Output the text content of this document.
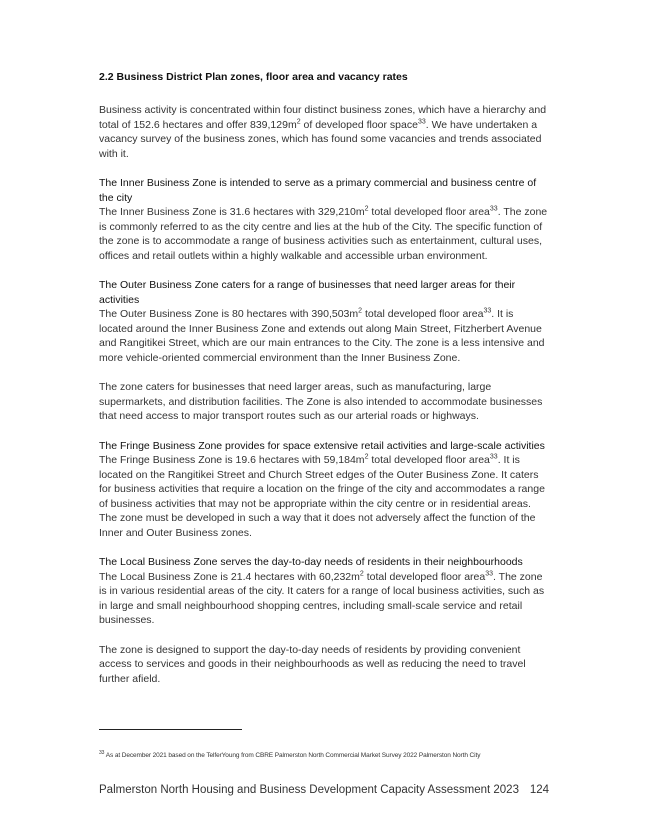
2.2 Business District Plan zones, floor area and vacancy rates

Business activity is concentrated within four distinct business zones, which have a hierarchy and total of 152.6 hectares and offer $839,129m^2$ of developed floor space$^{33}$. We have undertaken a vacancy survey of the business zones, which has found some vacancies and trends associated with it.

The Inner Business Zone is intended to serve as a primary commercial and business centre of the city

The Inner Business Zone is 31.6 hectares with $329,210m^2$ total developed floor area$^{33}$. The zone is commonly referred to as the city centre and lies at the hub of the City. The specific function of the zone is to accommodate a range of business activities such as entertainment, cultural uses, offices and retail outlets within a highly walkable and accessible urban environment.

The Outer Business Zone caters for a range of businesses that need larger areas for their activities

The Outer Business Zone is 80 hectares with $390,503m^2$ total developed floor area$^{33}$. It is located around the Inner Business Zone and extends out along Main Street, Fitzherbert Avenue and Rangitikei Street, which are our main entrances to the City. The zone is a less intensive and more vehicle-oriented commercial environment than the Inner Business Zone.

The zone caters for businesses that need larger areas, such as manufacturing, large supermarkets, and distribution facilities. The Zone is also intended to accommodate businesses that need access to major transport routes such as our arterial roads or highways.

The Fringe Business Zone provides for space extensive retail activities and large-scale activities

The Fringe Business Zone is 19.6 hectares with $59,184m^2$ total developed floor area$^{33}$. It is located on the Rangitikei Street and Church Street edges of the Outer Business Zone. It caters for business activities that require a location on the fringe of the city and accommodates a range of business activities that may not be appropriate within the city centre or in residential areas. The zone must be developed in such a way that it does not adversely affect the function of the Inner and Outer Business zones.

The Local Business Zone serves the day-to-day needs of residents in their neighbourhoods

The Local Business Zone is 21.4 hectares with $60,232m^2$ total developed floor area$^{33}$. The zone is in various residential areas of the city. It caters for a range of local business activities, such as in large and small neighbourhood shopping centres, including small-scale service and retail businesses.

The zone is designed to support the day-to-day needs of residents by providing convenient access to services and goods in their neighbourhoods as well as reducing the need to travel further afield.

$^{33}$ As at December 2021 based on the TelferYoung from CBRE Palmerston North Commercial Market Survey 2022 Palmerston North City
Palmerston North Housing and Business Development Capacity Assessment 2023 124
